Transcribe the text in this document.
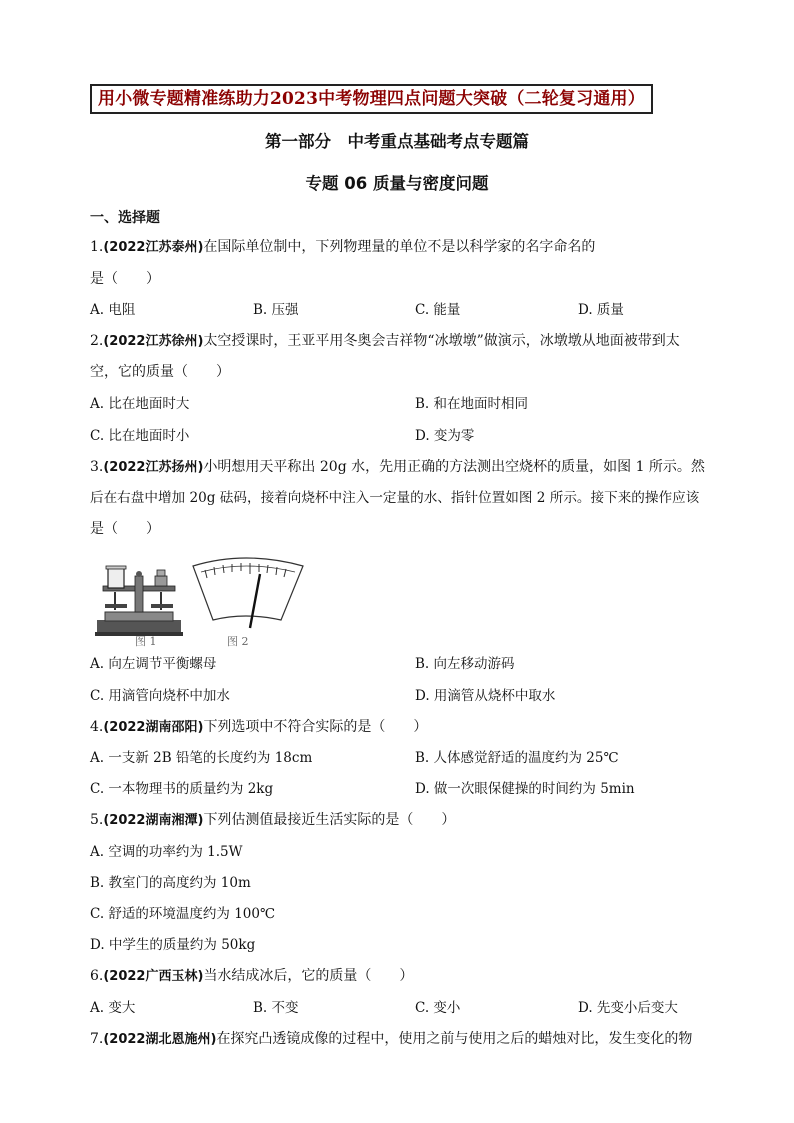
用小微专题精准练助力2023中考物理四点问题大突破（二轮复习通用）
第一部分　中考重点基础考点专题篇
专题 06 质量与密度问题
一、选择题
1.(2022江苏泰州)在国际单位制中，下列物理量的单位不是以科学家的名字命名的
是（　　）
A. 电阻	B. 压强	C. 能量	D. 质量
2.(2022江苏徐州)太空授课时，王亚平用冬奥会吉祥物“冰墩墩”做演示，冰墩墩从地面被带到太
空，它的质量（　　）
A. 比在地面时大	B. 和在地面时相同
C. 比在地面时小	D. 变为零
3.(2022江苏扬州)小明想用天平称出 20g 水，先用正确的方法测出空烧杯的质量，如图 1 所示。然
后在右盘中增加 20g 砝码，接着向烧杯中注入一定量的水、指针位置如图 2 所示。接下来的操作应该
是（　　）
图 1	图 2
A. 向左调节平衡螺母	B. 向左移动游码
C. 用滴管向烧杯中加水	D. 用滴管从烧杯中取水
4.(2022湖南邵阳)下列选项中不符合实际的是（　　）
A. 一支新 2B 铅笔的长度约为 18cm	B. 人体感觉舒适的温度约为 25℃
C. 一本物理书的质量约为 2kg	D. 做一次眼保健操的时间约为 5min
5.(2022湖南湘潭)下列估测值最接近生活实际的是（　　）
A. 空调的功率约为 1.5W
B. 教室门的高度约为 10m
C. 舒适的环境温度约为 100℃
D. 中学生的质量约为 50kg
6.(2022广西玉林)当水结成冰后，它的质量（　　）
A. 变大	B. 不变	C. 变小	D. 先变小后变大
7.(2022湖北恩施州)在探究凸透镜成像的过程中，使用之前与使用之后的蜡烛对比，发生变化的物
